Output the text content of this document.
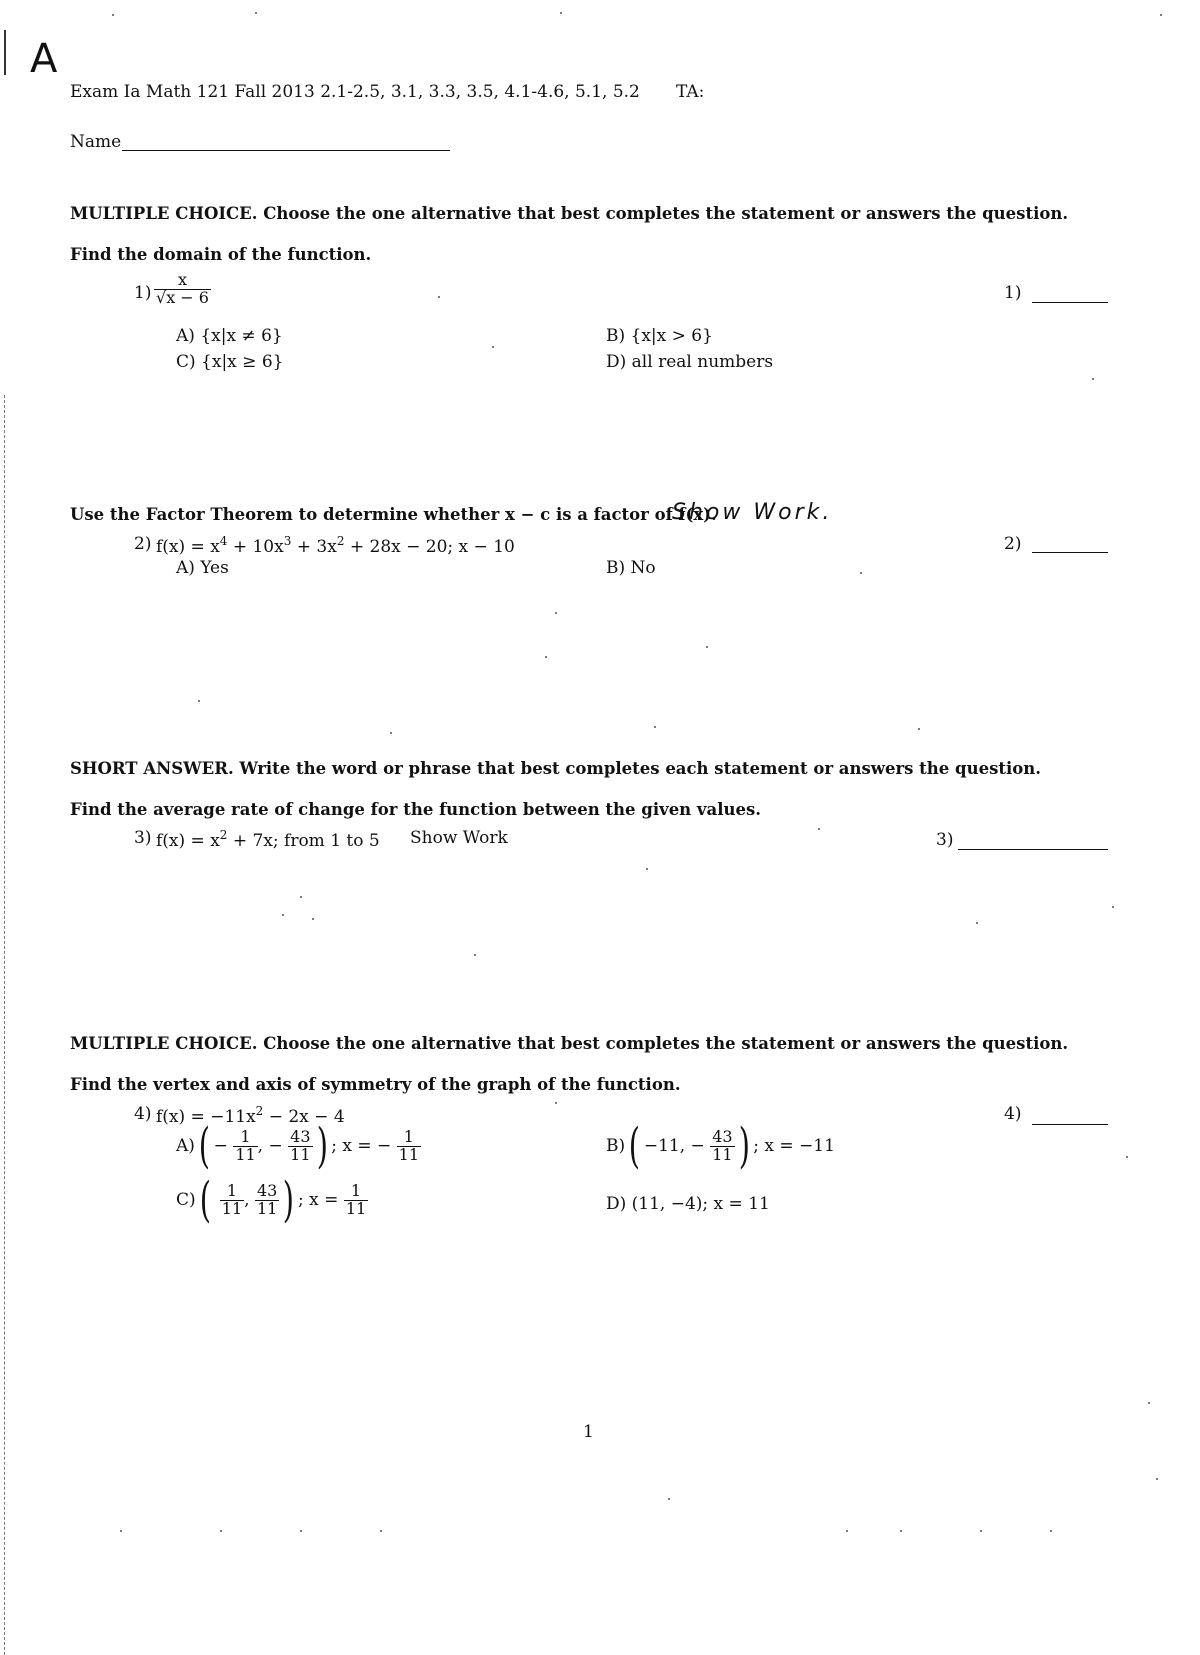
A
Exam Ia Math 121 Fall 2013 2.1-2.5, 3.1, 3.3, 3.5, 4.1-4.6, 5.1, 5.2 TA:
Name
MULTIPLE CHOICE. Choose the one alternative that best completes the statement or answers the question.
Find the domain of the function.
$1) \frac{x}{√x - 6}$
A) {x|x ≠ 6}	B) {x|x > 6}
C) {x|x ≥ 6}	D) all real numbers
1)
Use the Factor Theorem to determine whether x − c is a factor of f(x).
Show Work.
2) $f(x) = x^4 + 10x^3 + 3x^2 + 28x - 20$; x − 10
A) Yes	B) No
2)
SHORT ANSWER. Write the word or phrase that best completes each statement or answers the question.
Find the average rate of change for the function between the given values.
3) $f(x) = x^2 + 7x$; from 1 to 5 Show Work	3)
MULTIPLE CHOICE. Choose the one alternative that best completes the statement or answers the question.
Find the vertex and axis of symmetry of the graph of the function.
4) $f(x) = -11x^2 - 2x - 4$	4)
$A)( - \frac{1}{11}$ , − $\frac{43}{11}$ ) ; x = − $\frac{1}{11}$	B)( −11, − $\frac{43}{11}$ ) ; x = −11
$C)( \frac{1}{11}$ , $\frac{43}{11}$ ) ; $x = \frac{1}{11}$	D) (11, −4); x = 11
1
